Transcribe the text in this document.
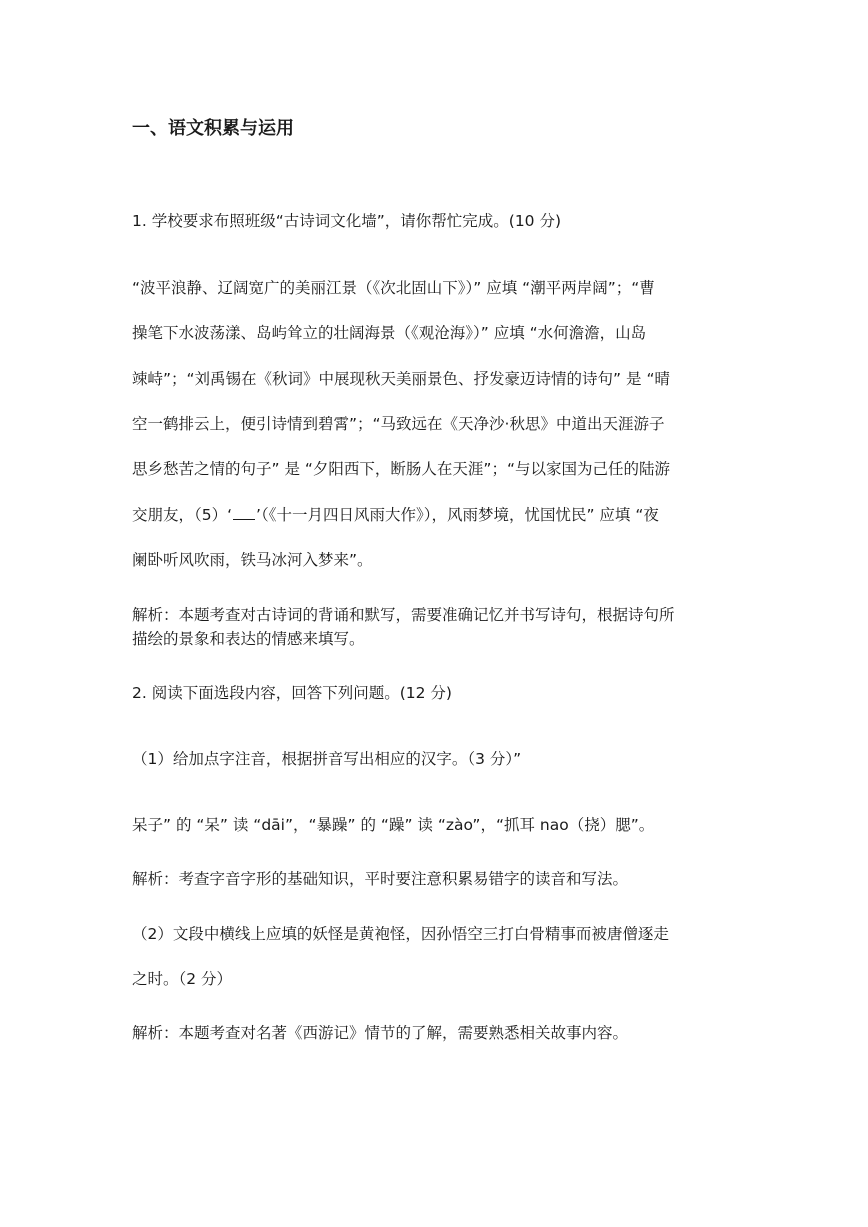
一、语文积累与运用
1. 学校要求布照班级“古诗词文化墙”，请你帮忙完成。(10 分)
“波平浪静、辽阔宽广的美丽江景（《次北固山下》）” 应填 “潮平两岸阔”；“曹
操笔下水波荡漾、岛屿耸立的壮阔海景（《观沧海》）” 应填 “水何澹澹，山岛
竦峙”；“刘禹锡在《秋词》中展现秋天美丽景色、抒发豪迈诗情的诗句” 是 “晴
空一鹤排云上，便引诗情到碧霄”；“马致远在《天净沙·秋思》中道出天涯游子
思乡愁苦之情的句子” 是 “夕阳西下，断肠人在天涯”；“与以家国为己任的陆游
交朋友，（5）‘ ’（《十一月四日风雨大作》），风雨梦境，忧国忧民” 应填 “夜
阑卧听风吹雨，铁马冰河入梦来”。
解析：本题考查对古诗词的背诵和默写，需要准确记忆并书写诗句，根据诗句所
描绘的景象和表达的情感来填写。
2. 阅读下面选段内容，回答下列问题。(12 分)
（1）给加点字注音，根据拼音写出相应的汉字。（3 分）”
呆子” 的 “呆” 读 “dāi”，“暴躁” 的 “躁” 读 “zào”，“抓耳 nao（挠）腮”。
解析：考查字音字形的基础知识，平时要注意积累易错字的读音和写法。
（2）文段中横线上应填的妖怪是黄袍怪，因孙悟空三打白骨精事而被唐僧逐走
之时。（2 分）
解析：本题考查对名著《西游记》情节的了解，需要熟悉相关故事内容。
